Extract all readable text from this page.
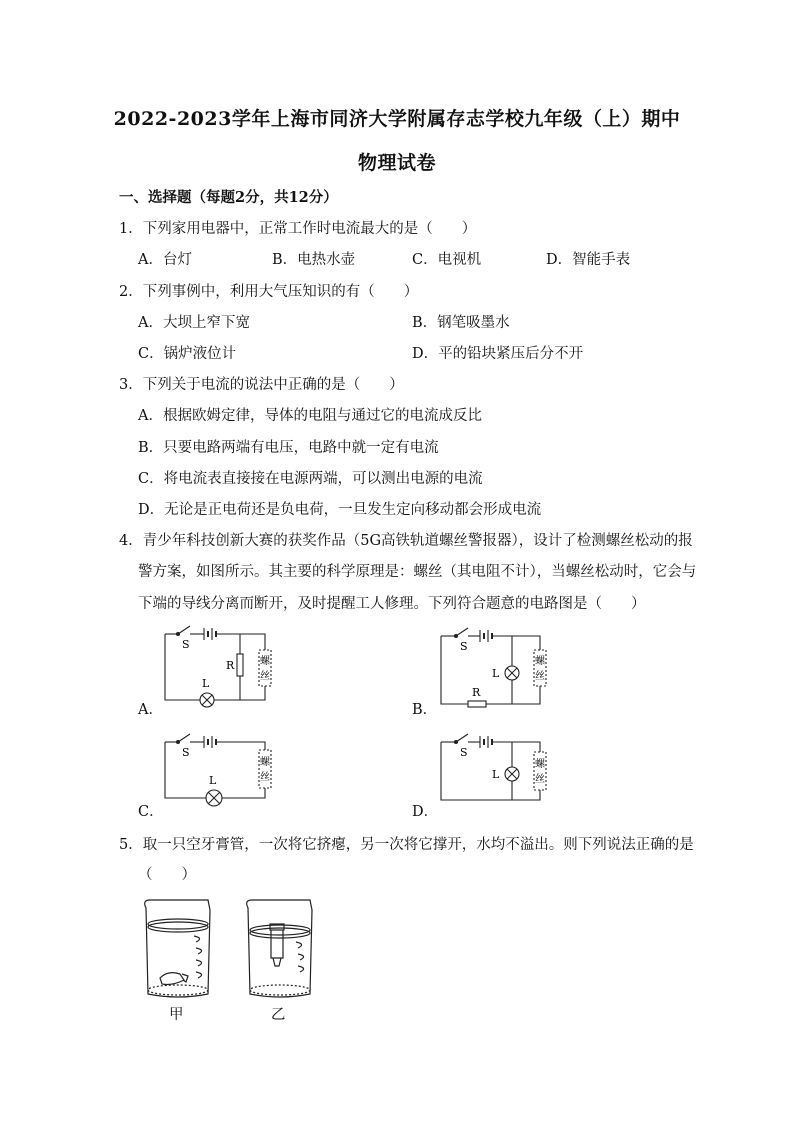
2022-2023学年上海市同济大学附属存志学校九年级（上）期中
物理试卷
一、选择题（每题2分，共12分）
1．下列家用电器中，正常工作时电流最大的是（　　）
A．台灯	B．电热水壶	C．电视机	D．智能手表
2．下列事例中，利用大气压知识的有（　　）
A．大坝上窄下宽	B．钢笔吸墨水
C．锅炉液位计	D．平的铅块紧压后分不开
3．下列关于电流的说法中正确的是（　　）
A．根据欧姆定律，导体的电阻与通过它的电流成反比
B．只要电路两端有电压，电路中就一定有电流
C．将电流表直接接在电源两端，可以测出电源的电流
D．无论是正电荷还是负电荷，一旦发生定向移动都会形成电流
4．青少年科技创新大赛的获奖作品（5G高铁轨道螺丝警报器），设计了检测螺丝松动的报
警方案，如图所示。其主要的科学原理是：螺丝（其电阻不计），当螺丝松动时，它会与
下端的导线分离而断开，及时提醒工人修理。下列符合题意的电路图是（　　）
A．
S
R
L
螺
丝
B．
S
L
R
螺
丝
C．
S
L
螺
丝
D．
S
L
螺
丝
5．取一只空牙膏管，一次将它挤瘪，另一次将它撑开，水均不溢出。则下列说法正确的是
（　　）
甲	乙
